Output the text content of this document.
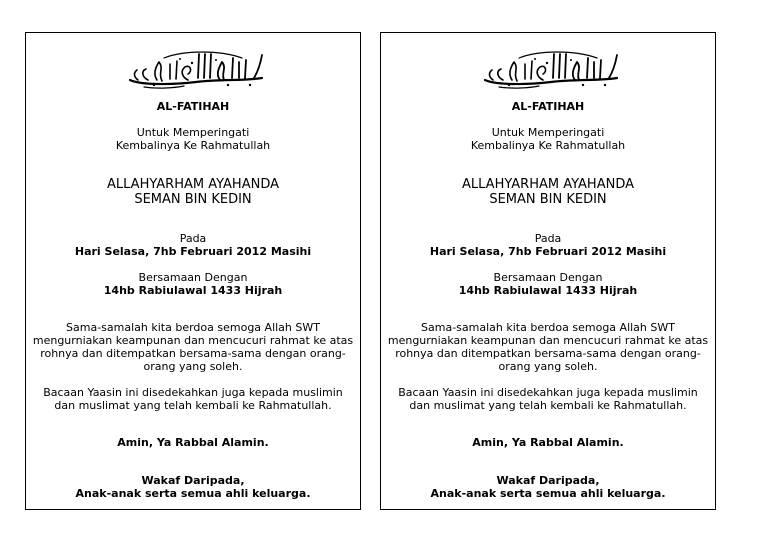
بسم الله الرحمن الرحيم

AL-FATIHAH

Untuk Memperingati

Kembalinya Ke Rahmatullah

ALLAHYARHAM AYAHANDA

SEMAN BIN KEDIN

Pada

Hari Selasa, 7hb Februari 2012 Masihi

Bersamaan Dengan

14hb Rabiulawal 1433 Hijrah

Sama-samalah kita berdoa semoga Allah SWT

mengurniakan keampunan dan mencucuri rahmat ke atas

rohnya dan ditempatkan bersama-sama dengan orang-

orang yang soleh.

Bacaan Yaasin ini disedekahkan juga kepada muslimin

dan muslimat yang telah kembali ke Rahmatullah.

Amin, Ya Rabbal Alamin.

Wakaf Daripada,

Anak-anak serta semua ahli keluarga.

بسم الله الرحمن الرحيم

AL-FATIHAH

Untuk Memperingati

Kembalinya Ke Rahmatullah

ALLAHYARHAM AYAHANDA

SEMAN BIN KEDIN

Pada

Hari Selasa, 7hb Februari 2012 Masihi

Bersamaan Dengan

14hb Rabiulawal 1433 Hijrah

Sama-samalah kita berdoa semoga Allah SWT

mengurniakan keampunan dan mencucuri rahmat ke atas

rohnya dan ditempatkan bersama-sama dengan orang-

orang yang soleh.

Bacaan Yaasin ini disedekahkan juga kepada muslimin

dan muslimat yang telah kembali ke Rahmatullah.

Amin, Ya Rabbal Alamin.

Wakaf Daripada,

Anak-anak serta semua ahli keluarga.
